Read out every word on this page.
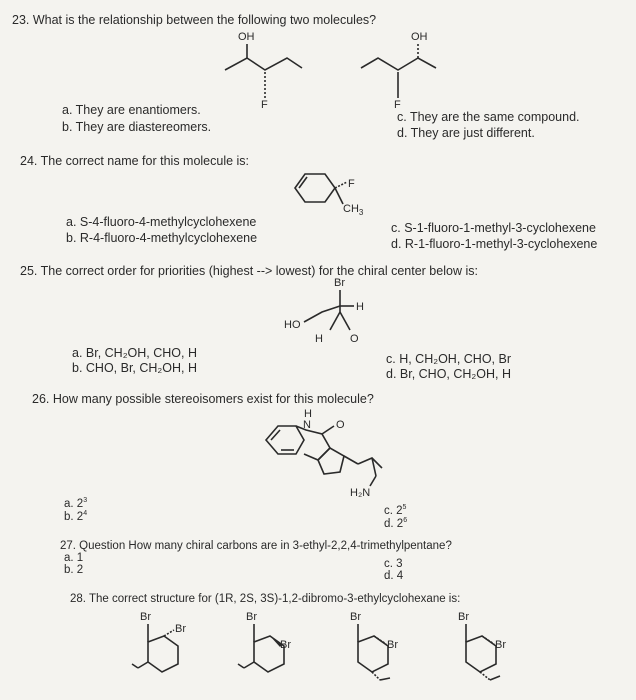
23. What is the relationship between the following two molecules?
OH
F
OH
F
a. They are enantiomers.
b. They are diastereomers.
c. They are the same compound.
d. They are just different.
24. The correct name for this molecule is:
F
$CH_3$
a. S-4-fluoro-4-methylcyclohexene
b. R-4-fluoro-4-methylcyclohexene
c. S-1-fluoro-1-methyl-3-cyclohexene
d. R-1-fluoro-1-methyl-3-cyclohexene
25. The correct order for priorities (highest --> lowest) for the chiral center below is:
Br
H
HO
H O
a. Br, CH₂OH, CHO, H
b. CHO, Br, CH₂OH, H
c. H, CH₂OH, CHO, Br
d. Br, CHO, CH₂OH, H
26. How many possible stereoisomers exist for this molecule?
H
N O
H₂N
a. $2^3$
b. $2^4$	c. $2^5$
d. $2^6$
27. Question How many chiral carbons are in 3-ethyl-2,2,4-trimethylpentane?
a. 1
b. 2	c. 3
d. 4
28. The correct structure for (1R, 2S, 3S)-1,2-dibromo-3-ethylcyclohexane is:
Br
Br
Br
Br
Br
Br
Br
Br
